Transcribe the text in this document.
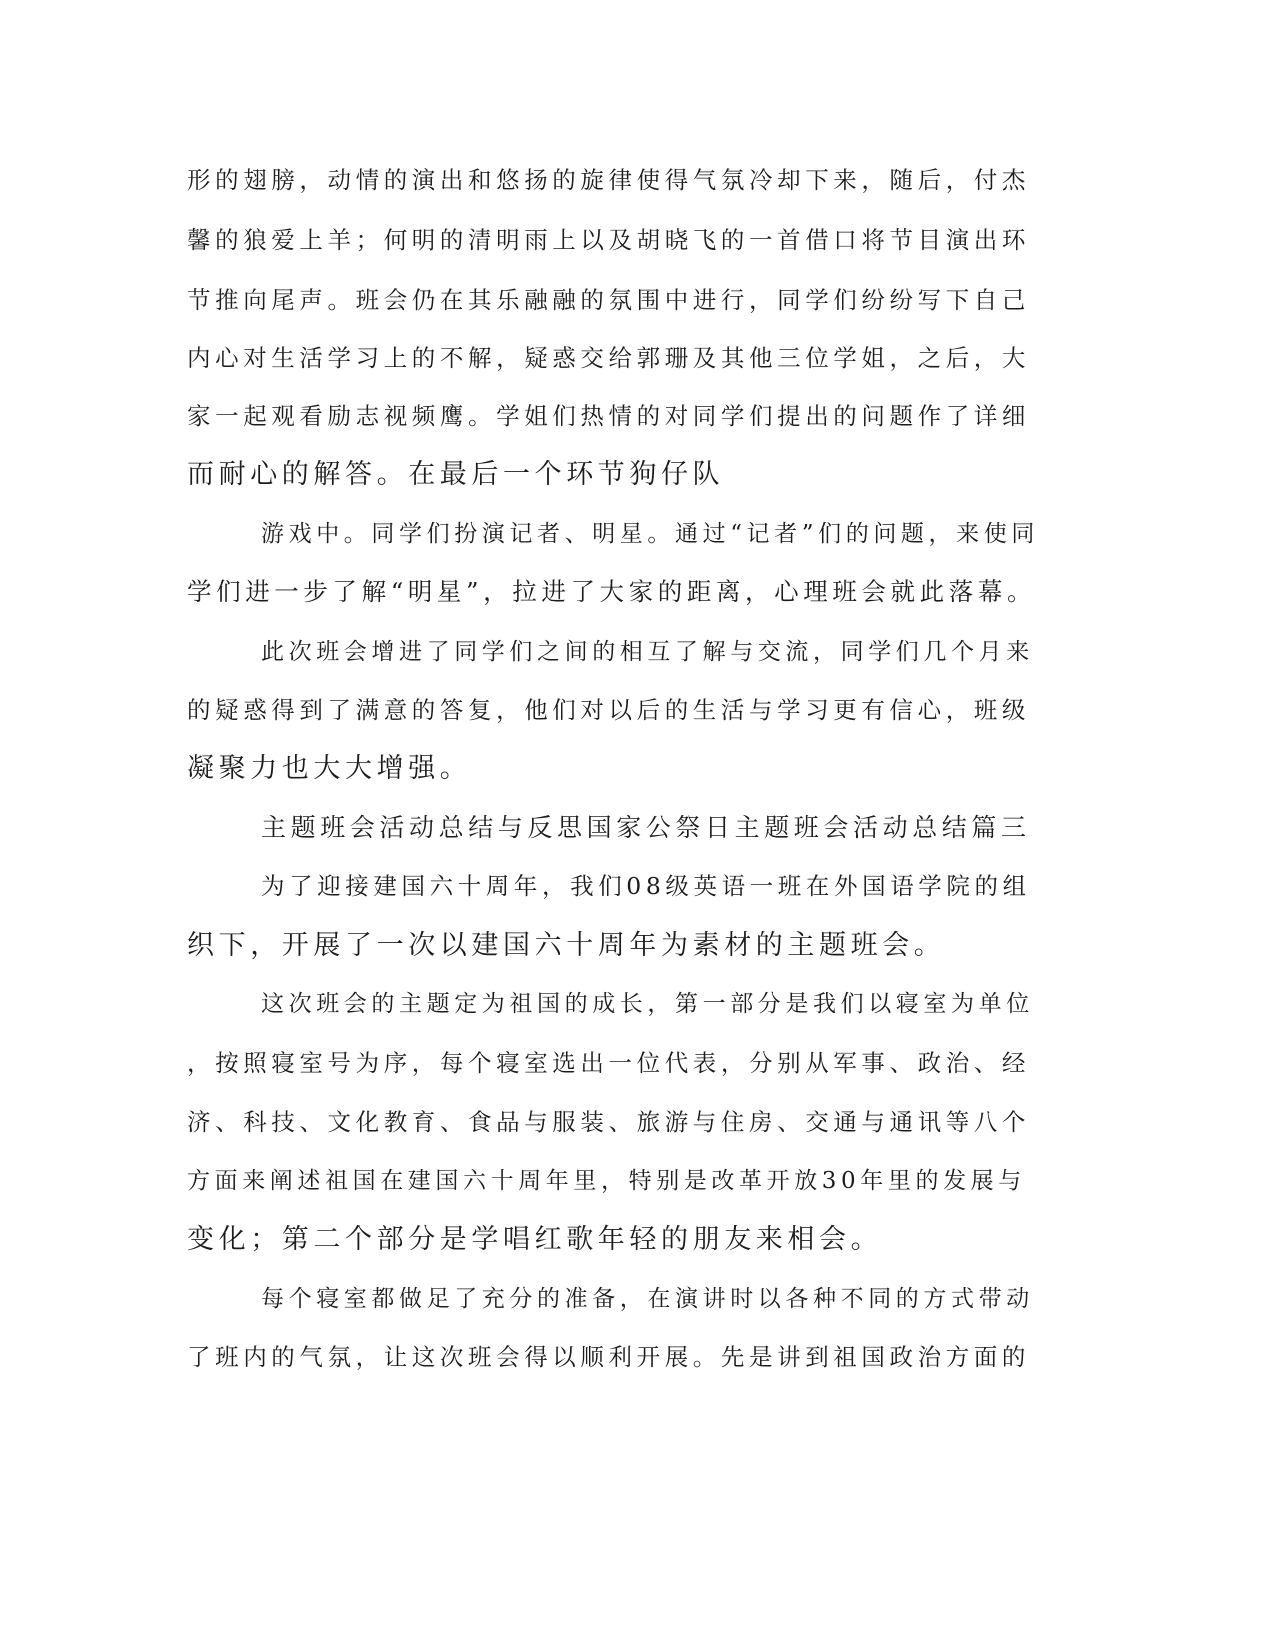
形的翅膀，动情的演出和悠扬的旋律使得气氛冷却下来，随后，付杰
馨的狼爱上羊；何明的清明雨上以及胡晓飞的一首借口将节目演出环
节推向尾声。班会仍在其乐融融的氛围中进行，同学们纷纷写下自己
内心对生活学习上的不解，疑惑交给郭珊及其他三位学姐，之后，大
家一起观看励志视频鹰。学姐们热情的对同学们提出的问题作了详细
而耐心的解答。在最后一个环节狗仔队
游戏中。同学们扮演记者、明星。通过“记者”们的问题，来使同
学们进一步了解“明星”，拉进了大家的距离，心理班会就此落幕。
此次班会增进了同学们之间的相互了解与交流，同学们几个月来
的疑惑得到了满意的答复，他们对以后的生活与学习更有信心，班级
凝聚力也大大增强。
主题班会活动总结与反思国家公祭日主题班会活动总结篇三
为了迎接建国六十周年，我们08级英语一班在外国语学院的组
织下，开展了一次以建国六十周年为素材的主题班会。
这次班会的主题定为祖国的成长，第一部分是我们以寝室为单位
，按照寝室号为序，每个寝室选出一位代表，分别从军事、政治、经
济、科技、文化教育、食品与服装、旅游与住房、交通与通讯等八个
方面来阐述祖国在建国六十周年里，特别是改革开放30年里的发展与
变化；第二个部分是学唱红歌年轻的朋友来相会。
每个寝室都做足了充分的准备，在演讲时以各种不同的方式带动
了班内的气氛，让这次班会得以顺利开展。先是讲到祖国政治方面的
